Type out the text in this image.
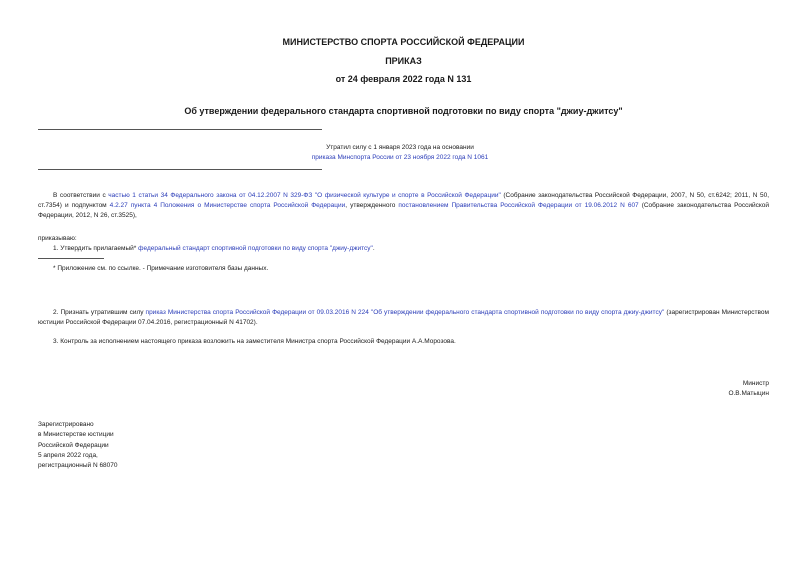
МИНИСТЕРСТВО СПОРТА РОССИЙСКОЙ ФЕДЕРАЦИИ
ПРИКАЗ
от 24 февраля 2022 года N 131
Об утверждении федерального стандарта спортивной подготовки по виду спорта "джиу-джитсу"
Утратил силу с 1 января 2023 года на основании
приказа Минспорта России от 23 ноября 2022 года N 1061
В соответствии с частью 1 статьи 34 Федерального закона от 04.12.2007 N 329-ФЗ "О физической культуре и спорте в Российской Федерации" (Собрание законодательства Российской Федерации, 2007, N 50, ст.6242; 2011, N 50, ст.7354) и подпунктом 4.2.27 пункта 4 Положения о Министерстве спорта Российской Федерации, утвержденного постановлением Правительства Российской Федерации от 19.06.2012 N 607 (Собрание законодательства Российской Федерации, 2012, N 26, ст.3525),
приказываю:
1. Утвердить прилагаемый* федеральный стандарт спортивной подготовки по виду спорта "джиу-джитсу".
* Приложение см. по ссылке. - Примечание изготовителя базы данных.
2. Признать утратившим силу приказ Министерства спорта Российской Федерации от 09.03.2016 N 224 "Об утверждении федерального стандарта спортивной подготовки по виду спорта джиу-джитсу" (зарегистрирован Министерством юстиции Российской Федерации 07.04.2016, регистрационный N 41702).
3. Контроль за исполнением настоящего приказа возложить на заместителя Министра спорта Российской Федерации А.А.Морозова.
Министр
О.В.Матыцин
Зарегистрировано
в Министерстве юстиции
Российской Федерации
5 апреля 2022 года,
регистрационный N 68070
